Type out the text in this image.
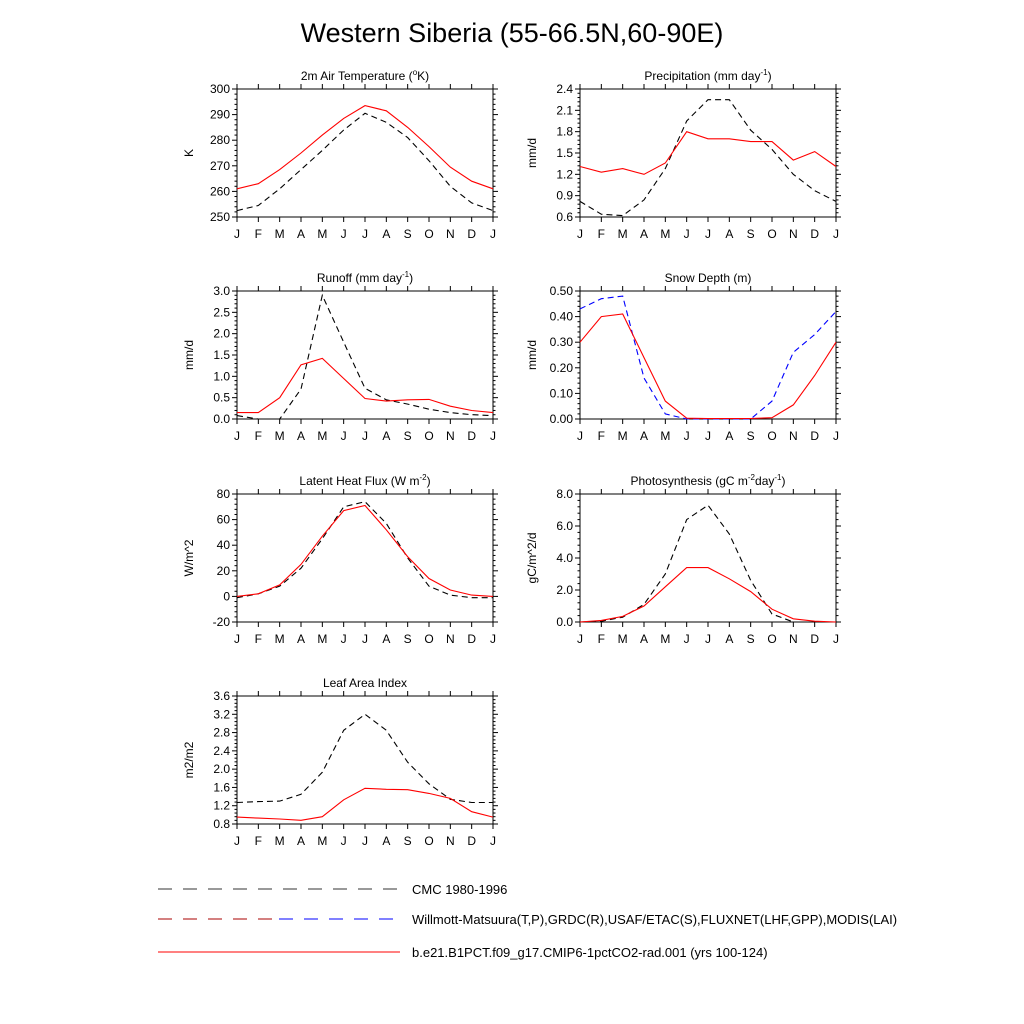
Western Siberia (55-66.5N,60-90E)
2m Air Temperature ($^o$K)
250
260
270
280
290
300
J F M A M J J A S O N D J
K
Precipitation (mm day$^{-1}$)
0.6
0.9
1.2
1.5
1.8
2.1
2.4
J F M A M J J A S O N D J
mm/d
Runoff (mm day$^{-1}$)
0.0
0.5
1.0
1.5
2.0
2.5
3.0
J F M A M J J A S O N D J
mm/d
Snow Depth (m)
0.00
0.10
0.20
0.30
0.40
0.50
J F M A M J J A S O N D J
mm/d
Latent Heat Flux (W $m^{-2}$)
-20
0
20
40
60
80
J F M A M J J A S O N D J
W/m^2
Photosynthesis (gC $m^{-2}day^{-1}$)
0.0
2.0
4.0
6.0
8.0
J F M A M J J A S O N D J
gC/m^2/d
Leaf Area Index
0.8
1.2
1.6
2.0
2.4
2.8
3.2
3.6
J F M A M J J A S O N D J
m2/m2
CMC 1980-1996
Willmott-Matsuura(T,P),GRDC(R),USAF/ETAC(S),FLUXNET(LHF,GPP),MODIS(LAI)
b.e21.B1PCT.f09_g17.CMIP6-1pctCO2-rad.001 (yrs 100-124)
